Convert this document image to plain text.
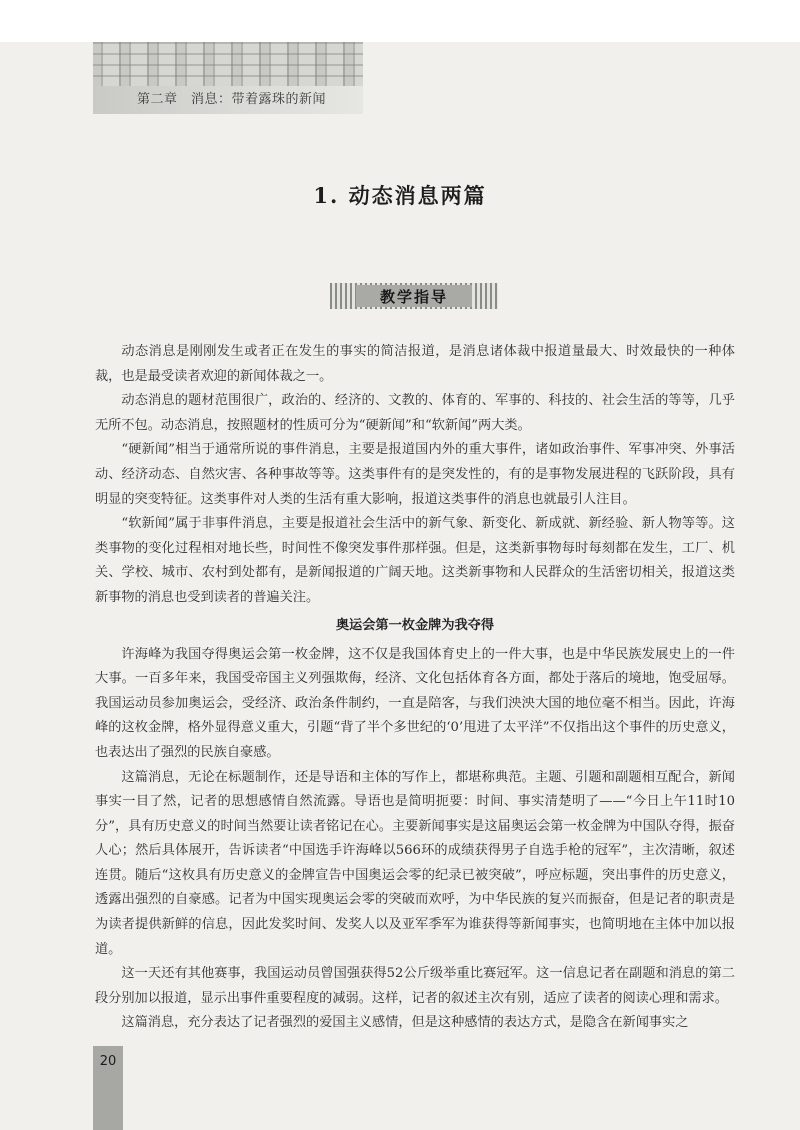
第二章　消息：带着露珠的新闻
1. 动态消息两篇
教学指导

动态消息是刚刚发生或者正在发生的事实的简洁报道，是消息诸体裁中报道量最大、时效最快的一种体裁，也是最受读者欢迎的新闻体裁之一。

动态消息的题材范围很广，政治的、经济的、文教的、体育的、军事的、科技的、社会生活的等等，几乎无所不包。动态消息，按照题材的性质可分为“硬新闻”和“软新闻”两大类。

“硬新闻”相当于通常所说的事件消息，主要是报道国内外的重大事件，诸如政治事件、军事冲突、外事活动、经济动态、自然灾害、各种事故等等。这类事件有的是突发性的，有的是事物发展进程的飞跃阶段，具有明显的突变特征。这类事件对人类的生活有重大影响，报道这类事件的消息也就最引人注目。

“软新闻”属于非事件消息，主要是报道社会生活中的新气象、新变化、新成就、新经验、新人物等等。这类事物的变化过程相对地长些，时间性不像突发事件那样强。但是，这类新事物每时每刻都在发生，工厂、机关、学校、城市、农村到处都有，是新闻报道的广阔天地。这类新事物和人民群众的生活密切相关，报道这类新事物的消息也受到读者的普遍关注。

奥运会第一枚金牌为我夺得

许海峰为我国夺得奥运会第一枚金牌，这不仅是我国体育史上的一件大事，也是中华民族发展史上的一件大事。一百多年来，我国受帝国主义列强欺侮，经济、文化包括体育各方面，都处于落后的境地，饱受屈辱。我国运动员参加奥运会，受经济、政治条件制约，一直是陪客，与我们泱泱大国的地位毫不相当。因此，许海峰的这枚金牌，格外显得意义重大，引题“背了半个多世纪的‘0’甩进了太平洋”不仅指出这个事件的历史意义，也表达出了强烈的民族自豪感。

这篇消息，无论在标题制作，还是导语和主体的写作上，都堪称典范。主题、引题和副题相互配合，新闻事实一目了然，记者的思想感情自然流露。导语也是简明扼要：时间、事实清楚明了——“今日上午11时10分”，具有历史意义的时间当然要让读者铭记在心。主要新闻事实是这届奥运会第一枚金牌为中国队夺得，振奋人心；然后具体展开，告诉读者“中国选手许海峰以566环的成绩获得男子自选手枪的冠军”，主次清晰，叙述连贯。随后“这枚具有历史意义的金牌宣告中国奥运会零的纪录已被突破”，呼应标题，突出事件的历史意义，透露出强烈的自豪感。记者为中国实现奥运会零的突破而欢呼，为中华民族的复兴而振奋，但是记者的职责是为读者提供新鲜的信息，因此发奖时间、发奖人以及亚军季军为谁获得等新闻事实，也简明地在主体中加以报道。

这一天还有其他赛事，我国运动员曾国强获得52公斤级举重比赛冠军。这一信息记者在副题和消息的第二段分别加以报道，显示出事件重要程度的减弱。这样，记者的叙述主次有别，适应了读者的阅读心理和需求。

这篇消息，充分表达了记者强烈的爱国主义感情，但是这种感情的表达方式，是隐含在新闻事实之

20
